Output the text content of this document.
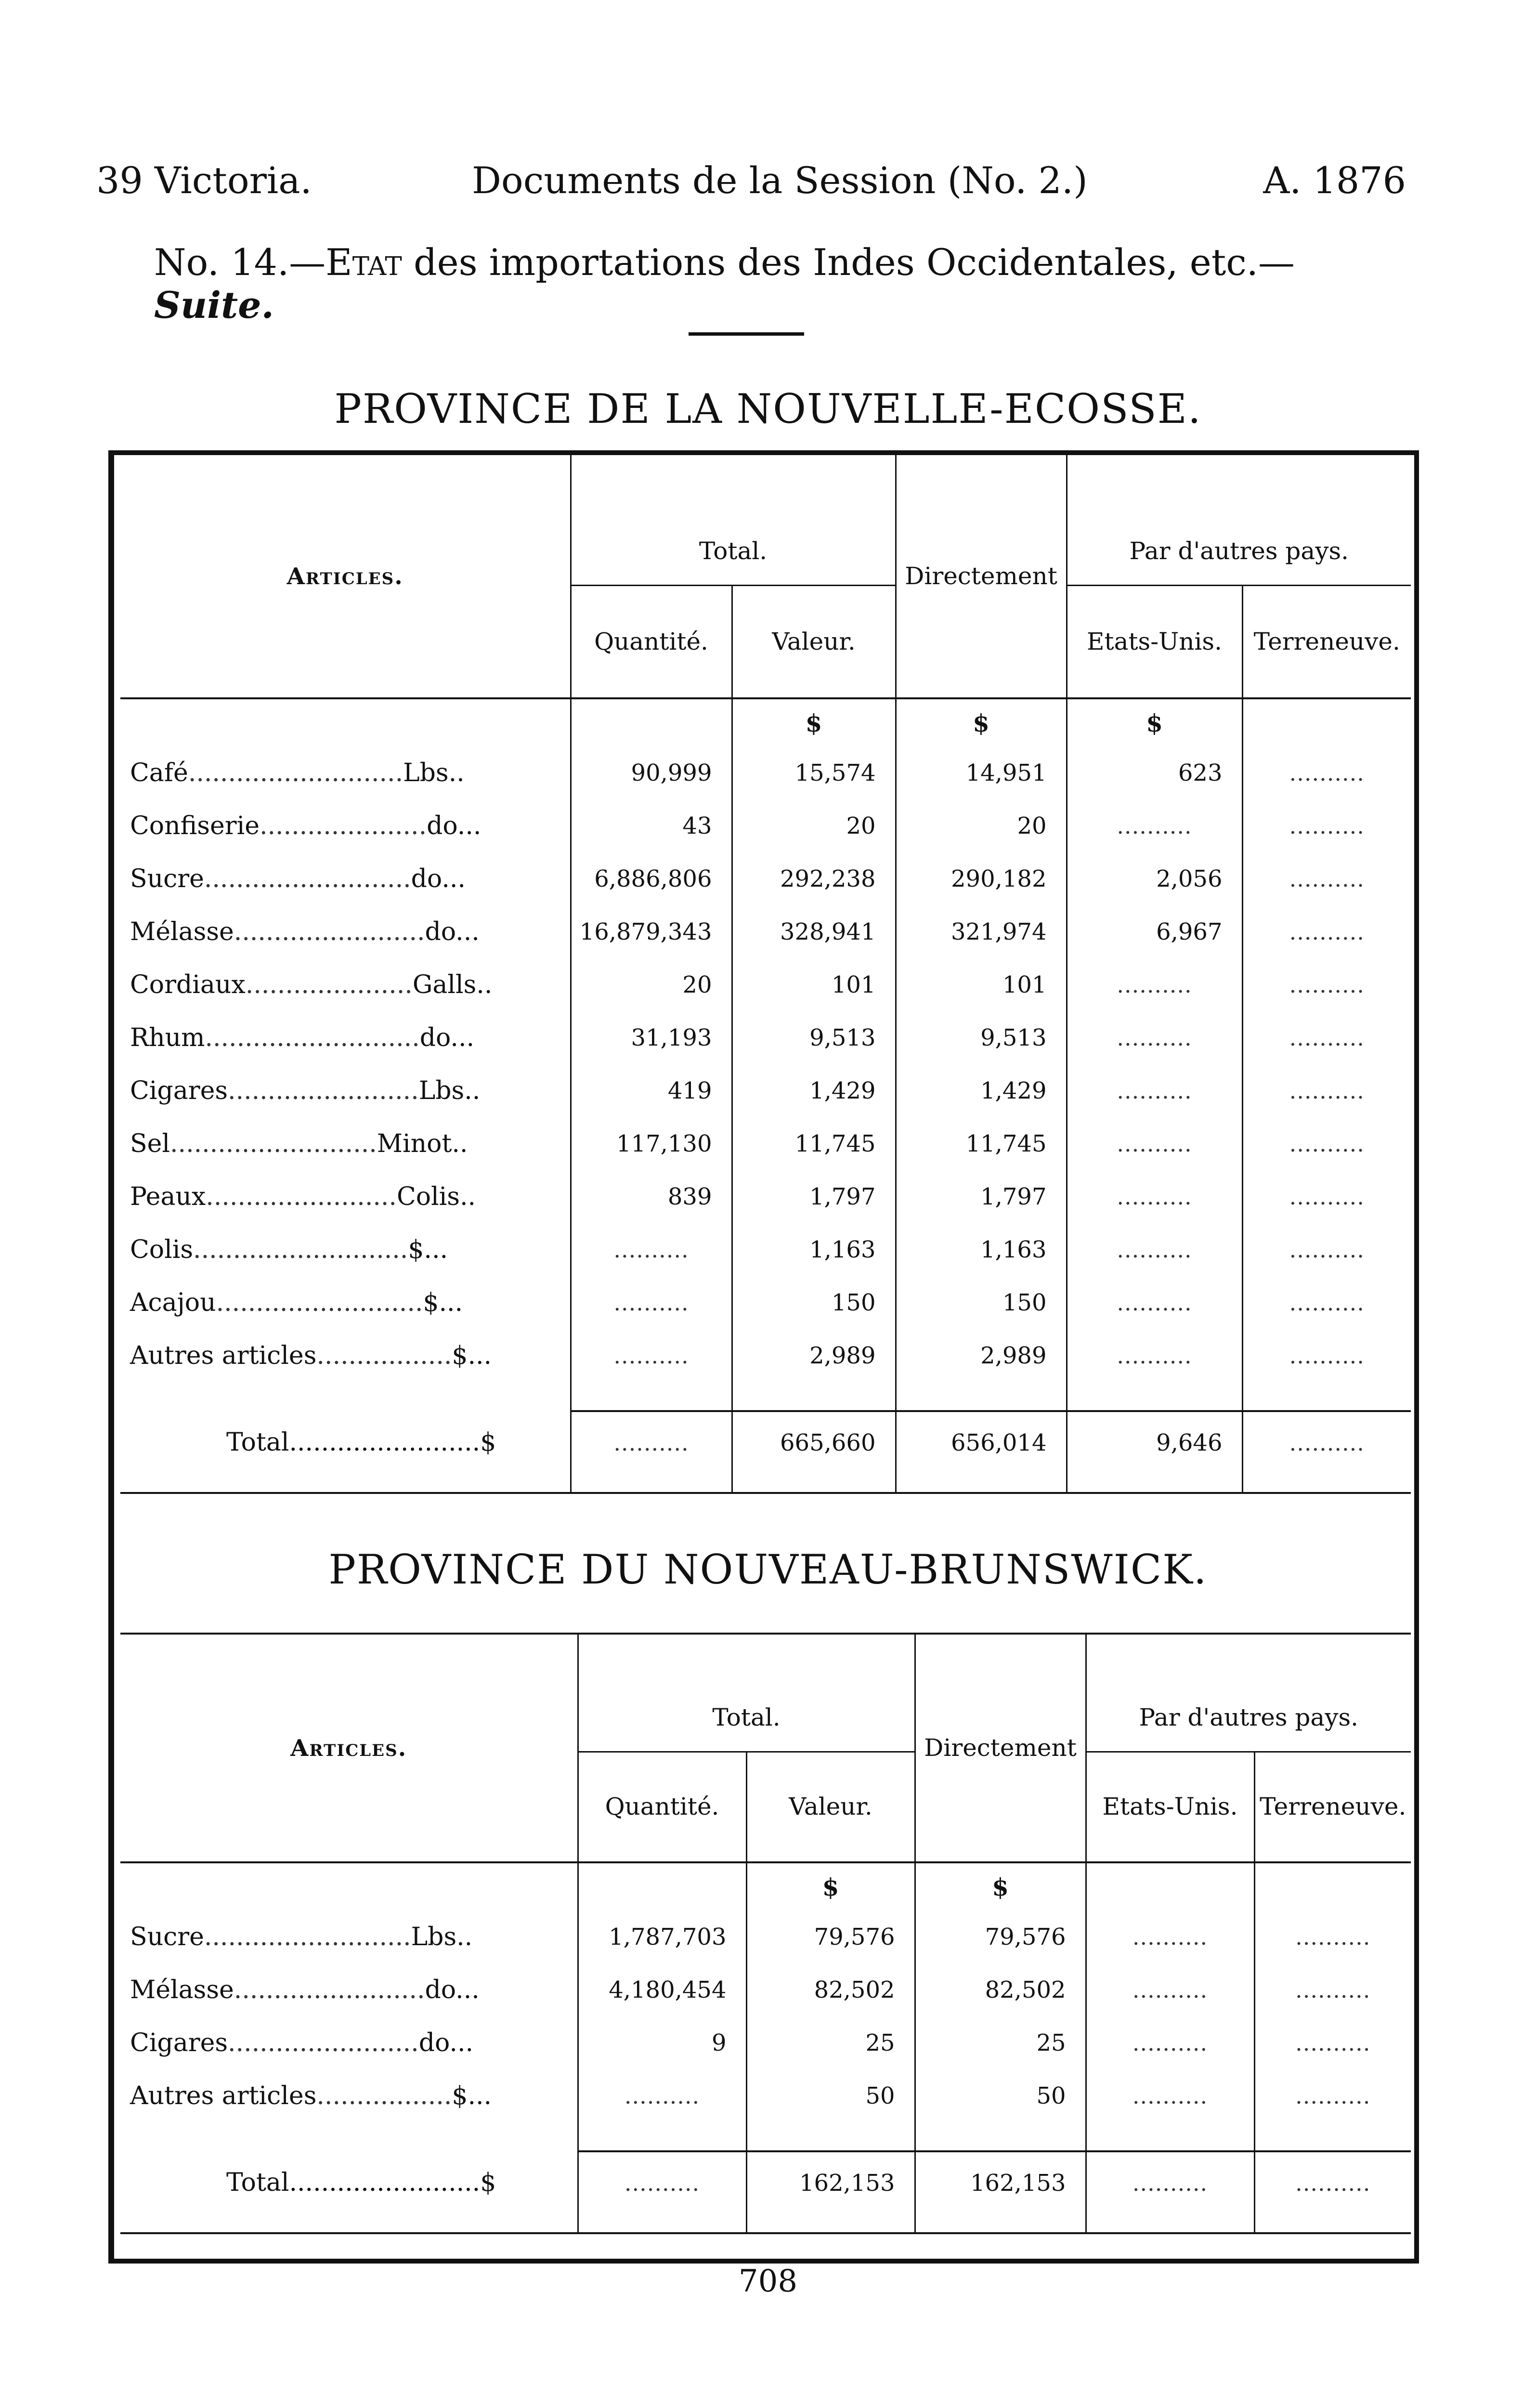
39 Victoria.	Documents de la Session (No. 2.)	A. 1876
No. 14.—Etat des importations des Indes Occidentales, etc.—Suite.
PROVINCE DE LA NOUVELLE-ECOSSE.
Articles.	Total.		Directement	Par d'autres pays.	
	Quantité.	Valeur.		Etats-Unis.	Terreneuve.
		$	$	$	
Café...........................Lbs..	90,999	15,574	14,951	623	..........
Confiserie.....................do...	43	20	20	..........	..........
Sucre..........................do...	6,886,806	292,238	290,182	2,056	..........
Mélasse........................do...	16,879,343	328,941	321,974	6,967	..........
Cordiaux.....................Galls..	20	101	101	..........	..........
Rhum...........................do...	31,193	9,513	9,513	..........	..........
Cigares........................Lbs..	419	1,429	1,429	..........	..........
Sel..........................Minot..	117,130	11,745	11,745	..........	..........
Peaux........................Colis..	839	1,797	1,797	..........	..........
Colis...........................$...	..........	1,163	1,163	..........	..........
Acajou..........................$...	..........	150	150	..........	..........
Autres articles.................$...	..........	2,989	2,989	..........	..........

Total........................$	..........	665,660	656,014	9,646	..........

PROVINCE DU NOUVEAU-BRUNSWICK.
Articles.	Total.		Directement	Par d'autres pays.	
	Quantité.	Valeur.		Etats-Unis.	Terreneuve.
		$	$		
Sucre..........................Lbs..	1,787,703	79,576	79,576	..........	..........
Mélasse........................do...	4,180,454	82,502	82,502	..........	..........
Cigares........................do...	9	25	25	..........	..........
Autres articles.................$...	..........	50	50	..........	..........

Total........................$	..........	162,153	162,153	..........	..........

708
